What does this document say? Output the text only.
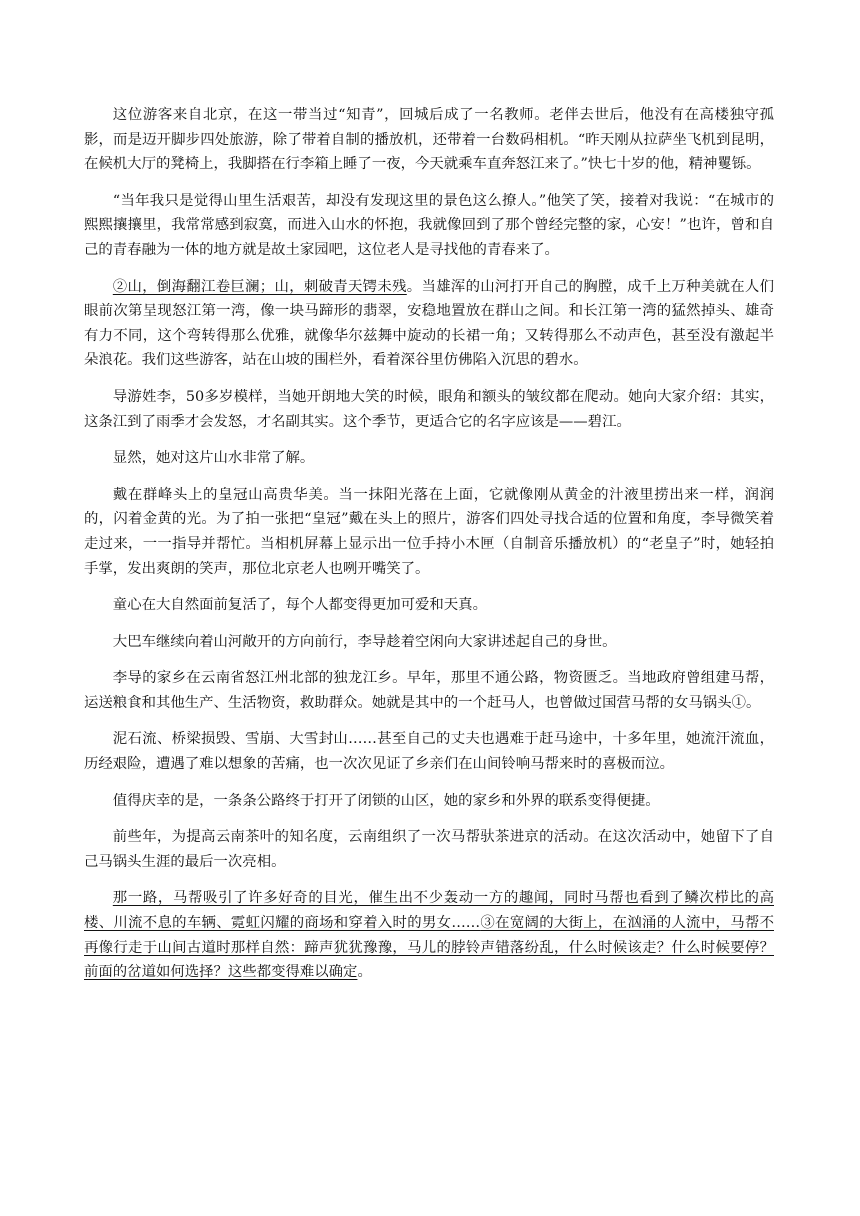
这位游客来自北京，在这一带当过“知青”，回城后成了一名教师。老伴去世后，他没有在高楼独守孤影，而是迈开脚步四处旅游，除了带着自制的播放机，还带着一台数码相机。“昨天刚从拉萨坐飞机到昆明，在候机大厅的凳椅上，我脚搭在行李箱上睡了一夜，今天就乘车直奔怒江来了。”快七十岁的他，精神矍铄。

“当年我只是觉得山里生活艰苦，却没有发现这里的景色这么撩人。”他笑了笑，接着对我说：“在城市的熙熙攘攘里，我常常感到寂寞，而进入山水的怀抱，我就像回到了那个曾经完整的家，心安！”也许，曾和自己的青春融为一体的地方就是故土家园吧，这位老人是寻找他的青春来了。

②山，倒海翻江卷巨澜；山，刺破青天锷未残。当雄浑的山河打开自己的胸膛，成千上万种美就在人们眼前次第呈现怒江第一湾，像一块马蹄形的翡翠，安稳地置放在群山之间。和长江第一湾的猛然掉头、雄奇有力不同，这个弯转得那么优雅，就像华尔兹舞中旋动的长裙一角；又转得那么不动声色，甚至没有激起半朵浪花。我们这些游客，站在山坡的围栏外，看着深谷里仿佛陷入沉思的碧水。

导游姓李，50多岁模样，当她开朗地大笑的时候，眼角和额头的皱纹都在爬动。她向大家介绍：其实，这条江到了雨季才会发怒，才名副其实。这个季节，更适合它的名字应该是——碧江。

显然，她对这片山水非常了解。

戴在群峰头上的皇冠山高贵华美。当一抹阳光落在上面，它就像刚从黄金的汁液里捞出来一样，润润的，闪着金黄的光。为了拍一张把“皇冠”戴在头上的照片，游客们四处寻找合适的位置和角度，李导微笑着走过来，一一指导并帮忙。当相机屏幕上显示出一位手持小木匣（自制音乐播放机）的“老皇子”时，她轻拍手掌，发出爽朗的笑声，那位北京老人也咧开嘴笑了。

童心在大自然面前复活了，每个人都变得更加可爱和天真。

大巴车继续向着山河敞开的方向前行，李导趁着空闲向大家讲述起自己的身世。

李导的家乡在云南省怒江州北部的独龙江乡。早年，那里不通公路，物资匮乏。当地政府曾组建马帮，运送粮食和其他生产、生活物资，救助群众。她就是其中的一个赶马人，也曾做过国营马帮的女马锅头①。

泥石流、桥梁损毁、雪崩、大雪封山……甚至自己的丈夫也遇难于赶马途中，十多年里，她流汗流血，历经艰险，遭遇了难以想象的苦痛，也一次次见证了乡亲们在山间铃响马帮来时的喜极而泣。

值得庆幸的是，一条条公路终于打开了闭锁的山区，她的家乡和外界的联系变得便捷。

前些年，为提高云南茶叶的知名度，云南组织了一次马帮驮茶进京的活动。在这次活动中，她留下了自己马锅头生涯的最后一次亮相。

那一路，马帮吸引了许多好奇的目光，催生出不少轰动一方的趣闻，同时马帮也看到了鳞次栉比的高楼、川流不息的车辆、霓虹闪耀的商场和穿着入时的男女……③在宽阔的大街上，在汹涌的人流中，马帮不再像行走于山间古道时那样自然：蹄声犹犹豫豫，马儿的脖铃声错落纷乱，什么时候该走？什么时候要停？前面的岔道如何选择？这些都变得难以确定。
